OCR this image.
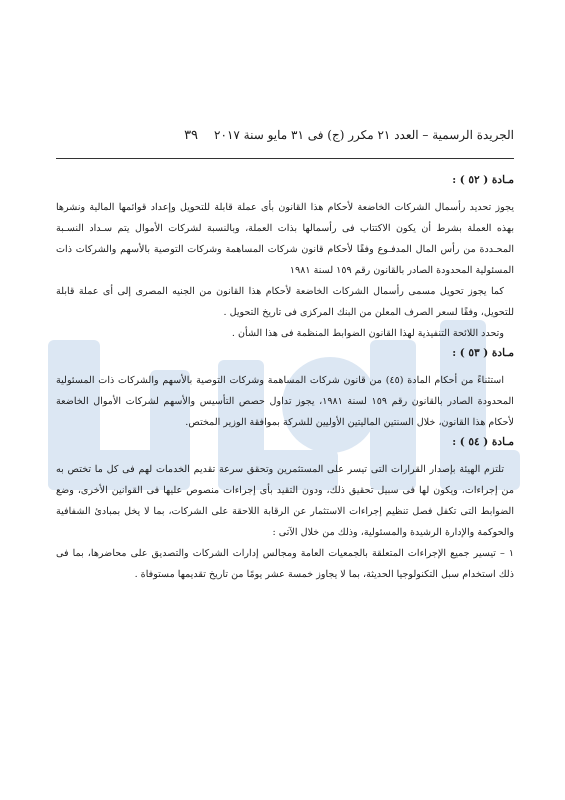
الجريدة الرسمية – العدد ٢١ مكرر (ج) فى ٣١ مايو سنة ٢٠١٧
٣٩

مـادة ( ٥٢ ) :

يجوز تحديد رأسمال الشركات الخاضعة لأحكام هذا القانون بأى عملة قابلة للتحويل وإعداد قوائمها المالية ونشرها بهذه العملة بشرط أن يكون الاكتتاب فى رأسمالها بذات العملة، وبالنسبة لشركات الأموال يتم سـداد النسـبة المحـددة من رأس المال المدفـوع وفقًا لأحكام قانون شركات المساهمة وشركات التوصية بالأسهم والشركات ذات المسئولية المحدودة الصادر بالقانون رقم ١٥٩ لسنة ١٩٨١

كما يجوز تحويل مسمى رأسمال الشركات الخاضعة لأحكام هذا القانون من الجنيه المصرى إلى أى عملة قابلة للتحويل، وفقًا لسعر الصرف المعلن من البنك المركزى فى تاريخ التحويل .

وتحدد اللائحة التنفيذية لهذا القانون الضوابط المنظمة فى هذا الشأن .

مـادة ( ٥٣ ) :

استثناءً من أحكام المادة (٤٥) من قانون شركات المساهمة وشركات التوصية بالأسهم والشركات ذات المسئولية المحدودة الصادر بالقانون رقم ١٥٩ لسنة ١٩٨١، يجوز تداول حصص التأسيس والأسهم لشركات الأموال الخاضعة لأحكام هذا القانون، خلال السنتين الماليتين الأوليين للشركة بموافقة الوزير المختص.

مـادة ( ٥٤ ) :

تلتزم الهيئة بإصدار القرارات التى تيسر على المستثمرين وتحقق سرعة تقديم الخدمات لهم فى كل ما تختص به من إجراءات، ويكون لها فى سبيل تحقيق ذلك، ودون التقيد بأى إجراءات منصوص عليها فى القوانين الأخرى، وضع الضوابط التى تكفل فصل تنظيم إجراءات الاستثمار عن الرقابة اللاحقة على الشركات، بما لا يخل بمبادئ الشفافية والحوكمة والإدارة الرشيدة والمسئولية، وذلك من خلال الآتى :

١ – تيسير جميع الإجراءات المتعلقة بالجمعيات العامة ومجالس إدارات الشركات والتصديق على محاضرها، بما فى ذلك استخدام سبل التكنولوجيا الحديثة، بما لا يجاوز خمسة عشر يومًا من تاريخ تقديمها مستوفاة .
